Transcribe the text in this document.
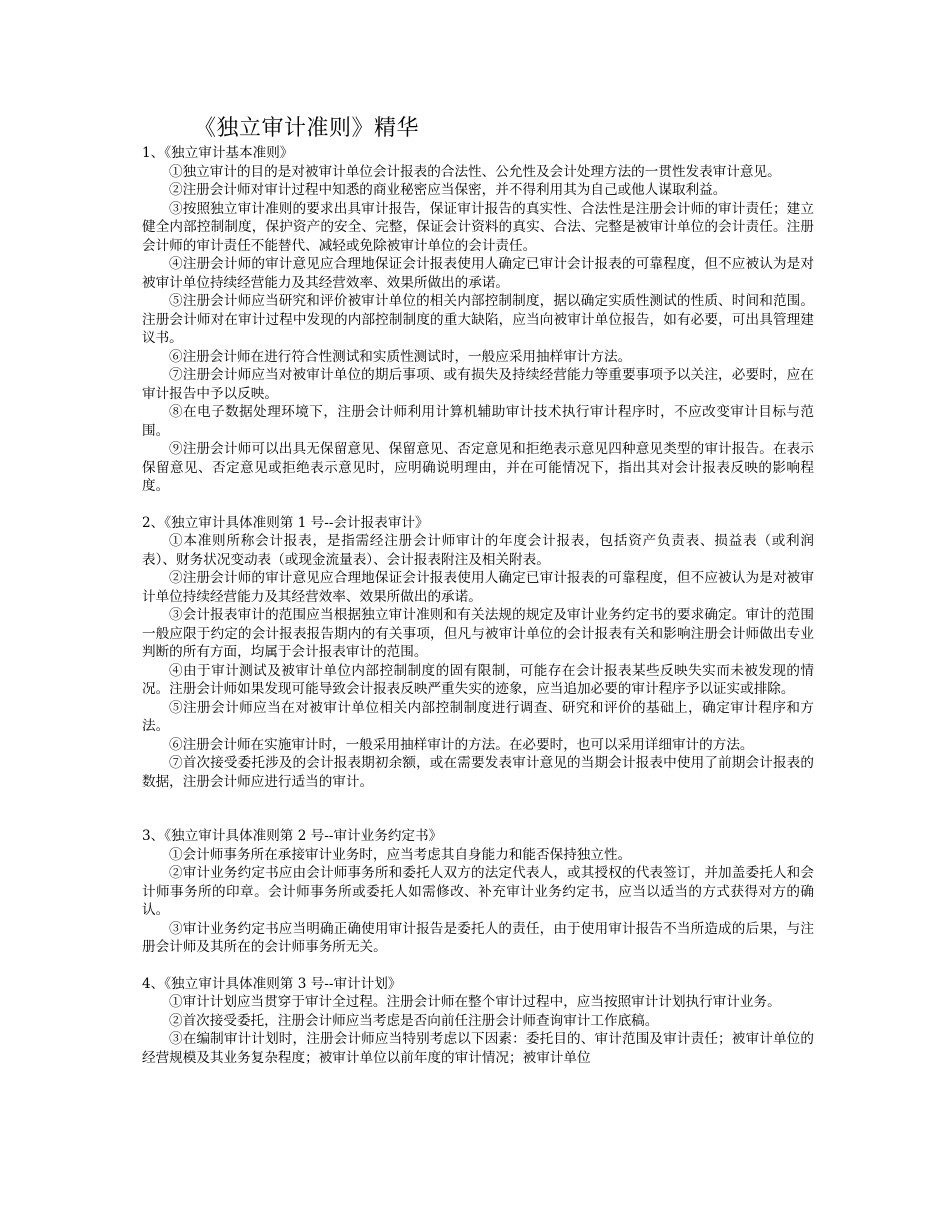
《独立审计准则》精华

1、《独立审计基本准则》

①独立审计的目的是对被审计单位会计报表的合法性、公允性及会计处理方法的一贯性发表审计意见。

②注册会计师对审计过程中知悉的商业秘密应当保密，并不得利用其为自己或他人谋取利益。

③按照独立审计准则的要求出具审计报告，保证审计报告的真实性、合法性是注册会计师的审计责任；建立健全内部控制制度，保护资产的安全、完整，保证会计资料的真实、合法、完整是被审计单位的会计责任。注册会计师的审计责任不能替代、减轻或免除被审计单位的会计责任。

④注册会计师的审计意见应合理地保证会计报表使用人确定已审计会计报表的可靠程度，但不应被认为是对被审计单位持续经营能力及其经营效率、效果所做出的承诺。

⑤注册会计师应当研究和评价被审计单位的相关内部控制制度，据以确定实质性测试的性质、时间和范围。注册会计师对在审计过程中发现的内部控制制度的重大缺陷，应当向被审计单位报告，如有必要，可出具管理建议书。

⑥注册会计师在进行符合性测试和实质性测试时，一般应采用抽样审计方法。

⑦注册会计师应当对被审计单位的期后事项、或有损失及持续经营能力等重要事项予以关注，必要时，应在审计报告中予以反映。

⑧在电子数据处理环境下，注册会计师利用计算机辅助审计技术执行审计程序时，不应改变审计目标与范围。

⑨注册会计师可以出具无保留意见、保留意见、否定意见和拒绝表示意见四种意见类型的审计报告。在表示保留意见、否定意见或拒绝表示意见时，应明确说明理由，并在可能情况下，指出其对会计报表反映的影响程度。

2、《独立审计具体准则第 1 号--会计报表审计》

①本准则所称会计报表，是指需经注册会计师审计的年度会计报表，包括资产负责表、损益表（或利润表）、财务状况变动表（或现金流量表）、会计报表附注及相关附表。

②注册会计师的审计意见应合理地保证会计报表使用人确定已审计报表的可靠程度，但不应被认为是对被审计单位持续经营能力及其经营效率、效果所做出的承诺。

③会计报表审计的范围应当根据独立审计准则和有关法规的规定及审计业务约定书的要求确定。审计的范围一般应限于约定的会计报表报告期内的有关事项，但凡与被审计单位的会计报表有关和影响注册会计师做出专业判断的所有方面，均属于会计报表审计的范围。

④由于审计测试及被审计单位内部控制制度的固有限制，可能存在会计报表某些反映失实而未被发现的情况。注册会计师如果发现可能导致会计报表反映严重失实的迹象，应当追加必要的审计程序予以证实或排除。

⑤注册会计师应当在对被审计单位相关内部控制制度进行调查、研究和评价的基础上，确定审计程序和方法。

⑥注册会计师在实施审计时，一般采用抽样审计的方法。在必要时，也可以采用详细审计的方法。

⑦首次接受委托涉及的会计报表期初余额，或在需要发表审计意见的当期会计报表中使用了前期会计报表的数据，注册会计师应进行适当的审计。

3、《独立审计具体准则第 2 号--审计业务约定书》

①会计师事务所在承接审计业务时，应当考虑其自身能力和能否保持独立性。

②审计业务约定书应由会计师事务所和委托人双方的法定代表人，或其授权的代表签订，并加盖委托人和会计师事务所的印章。会计师事务所或委托人如需修改、补充审计业务约定书，应当以适当的方式获得对方的确认。

③审计业务约定书应当明确正确使用审计报告是委托人的责任，由于使用审计报告不当所造成的后果，与注册会计师及其所在的会计师事务所无关。

4、《独立审计具体准则第 3 号--审计计划》

①审计计划应当贯穿于审计全过程。注册会计师在整个审计过程中，应当按照审计计划执行审计业务。

②首次接受委托，注册会计师应当考虑是否向前任注册会计师查询审计工作底稿。

③在编制审计计划时，注册会计师应当特别考虑以下因素：委托目的、审计范围及审计责任；被审计单位的经营规模及其业务复杂程度；被审计单位以前年度的审计情况；被审计单位
